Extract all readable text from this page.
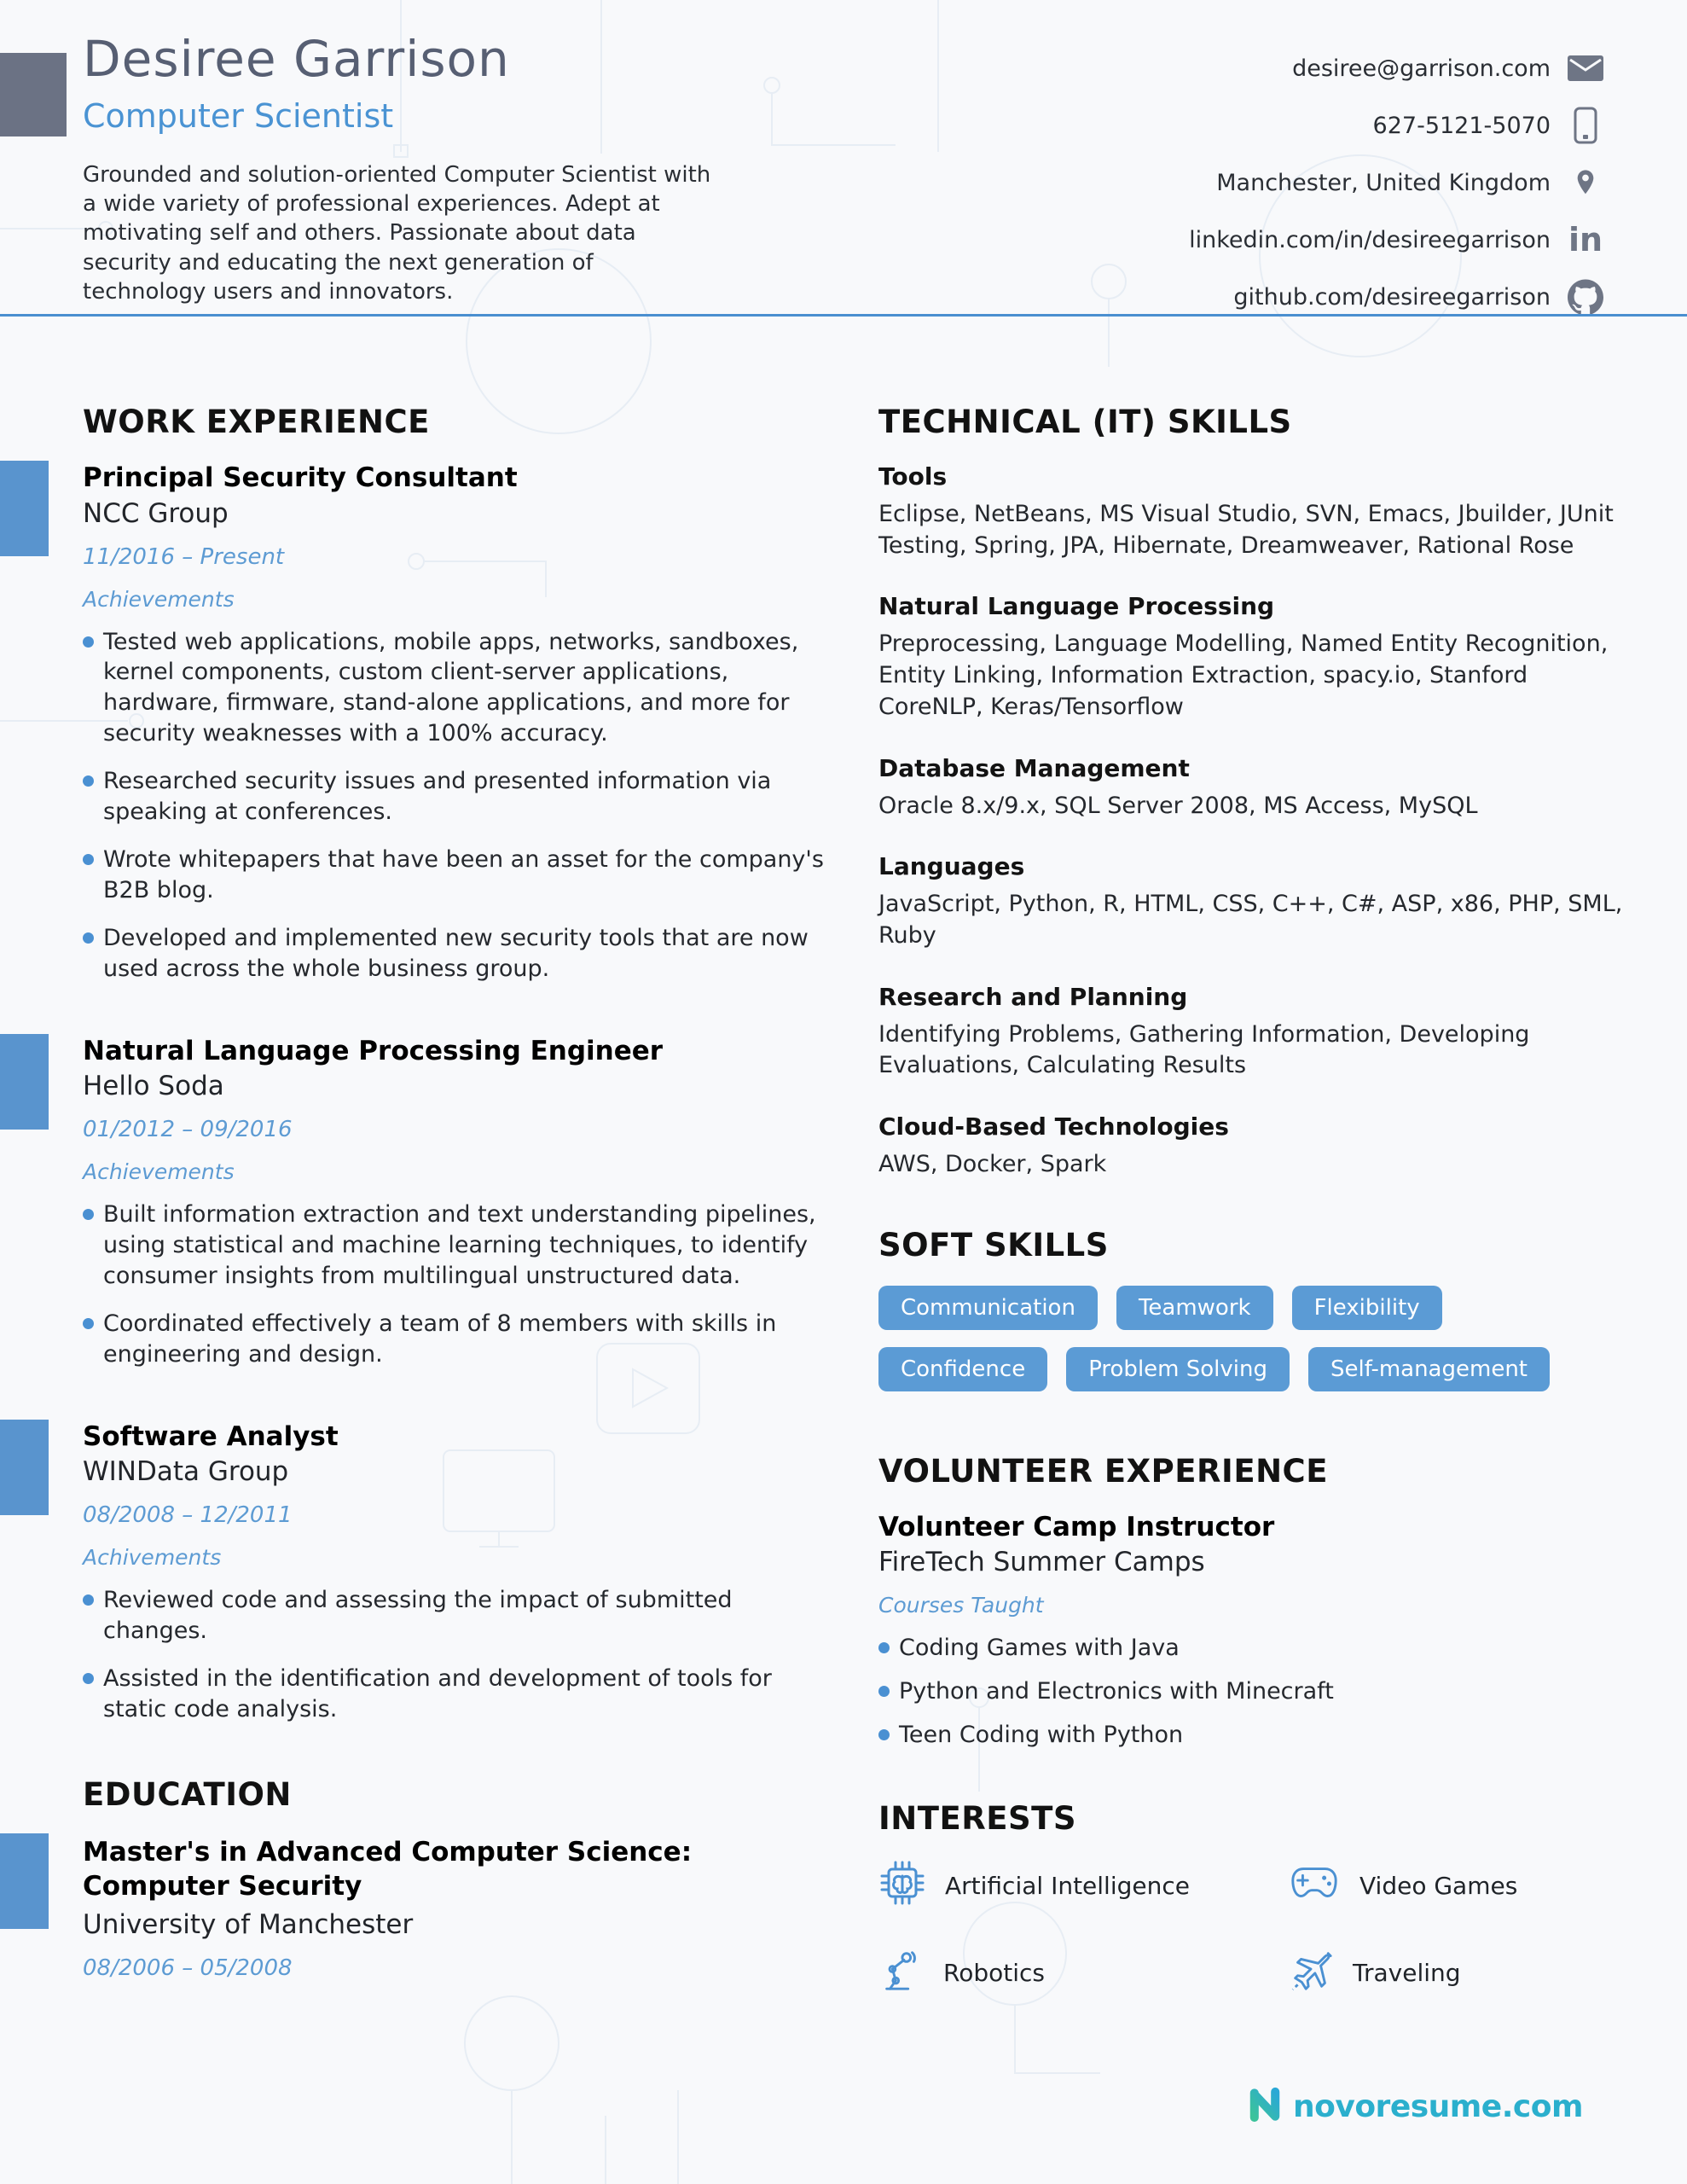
Desiree Garrison
Computer Scientist

Grounded and solution-oriented Computer Scientist with a wide variety of professional experiences. Adept at motivating self and others. Passionate about data security and educating the next generation of technology users and innovators.

desiree@garrison.com
627-5121-5070
Manchester, United Kingdom
linkedin.com/in/desireegarrison in
github.com/desireegarrison
WORK EXPERIENCE
Principal Security Consultant
NCC Group
11/2016 – Present
Achievements
Tested web applications, mobile apps, networks, sandboxes, kernel components, custom client-server applications, hardware, firmware, stand-alone applications, and more for security weaknesses with a 100% accuracy.
Researched security issues and presented information via speaking at conferences.
Wrote whitepapers that have been an asset for the company's B2B blog.
Developed and implemented new security tools that are now used across the whole business group.
Natural Language Processing Engineer
Hello Soda
01/2012 – 09/2016
Achievements
Built information extraction and text understanding pipelines, using statistical and machine learning techniques, to identify consumer insights from multilingual unstructured data.
Coordinated effectively a team of 8 members with skills in engineering and design.
Software Analyst
WINData Group
08/2008 – 12/2011
Achivements
Reviewed code and assessing the impact of submitted changes.
Assisted in the identification and development of tools for static code analysis.
EDUCATION
Master's in Advanced Computer Science: Computer Security
University of Manchester
08/2006 – 05/2008
TECHNICAL (IT) SKILLS

Tools

Eclipse, NetBeans, MS Visual Studio, SVN, Emacs, Jbuilder, JUnit Testing, Spring, JPA, Hibernate, Dreamweaver, Rational Rose

Natural Language Processing

Preprocessing, Language Modelling, Named Entity Recognition, Entity Linking, Information Extraction, spacy.io, Stanford CoreNLP, Keras/Tensorflow

Database Management

Oracle 8.x/9.x, SQL Server 2008, MS Access, MySQL

Languages

JavaScript, Python, R, HTML, CSS, C++, C#, ASP, x86, PHP, SML, Ruby

Research and Planning

Identifying Problems, Gathering Information, Developing Evaluations, Calculating Results

Cloud-Based Technologies

AWS, Docker, Spark

SOFT SKILLS
Communication	Teamwork	Flexibility
Confidence	Problem Solving	Self-management
VOLUNTEER EXPERIENCE
Volunteer Camp Instructor
FireTech Summer Camps
Courses Taught
Coding Games with Java
Python and Electronics with Minecraft
Teen Coding with Python
INTERESTS
Artificial Intelligence	Video Games
Robotics	Traveling
novoresume.com
